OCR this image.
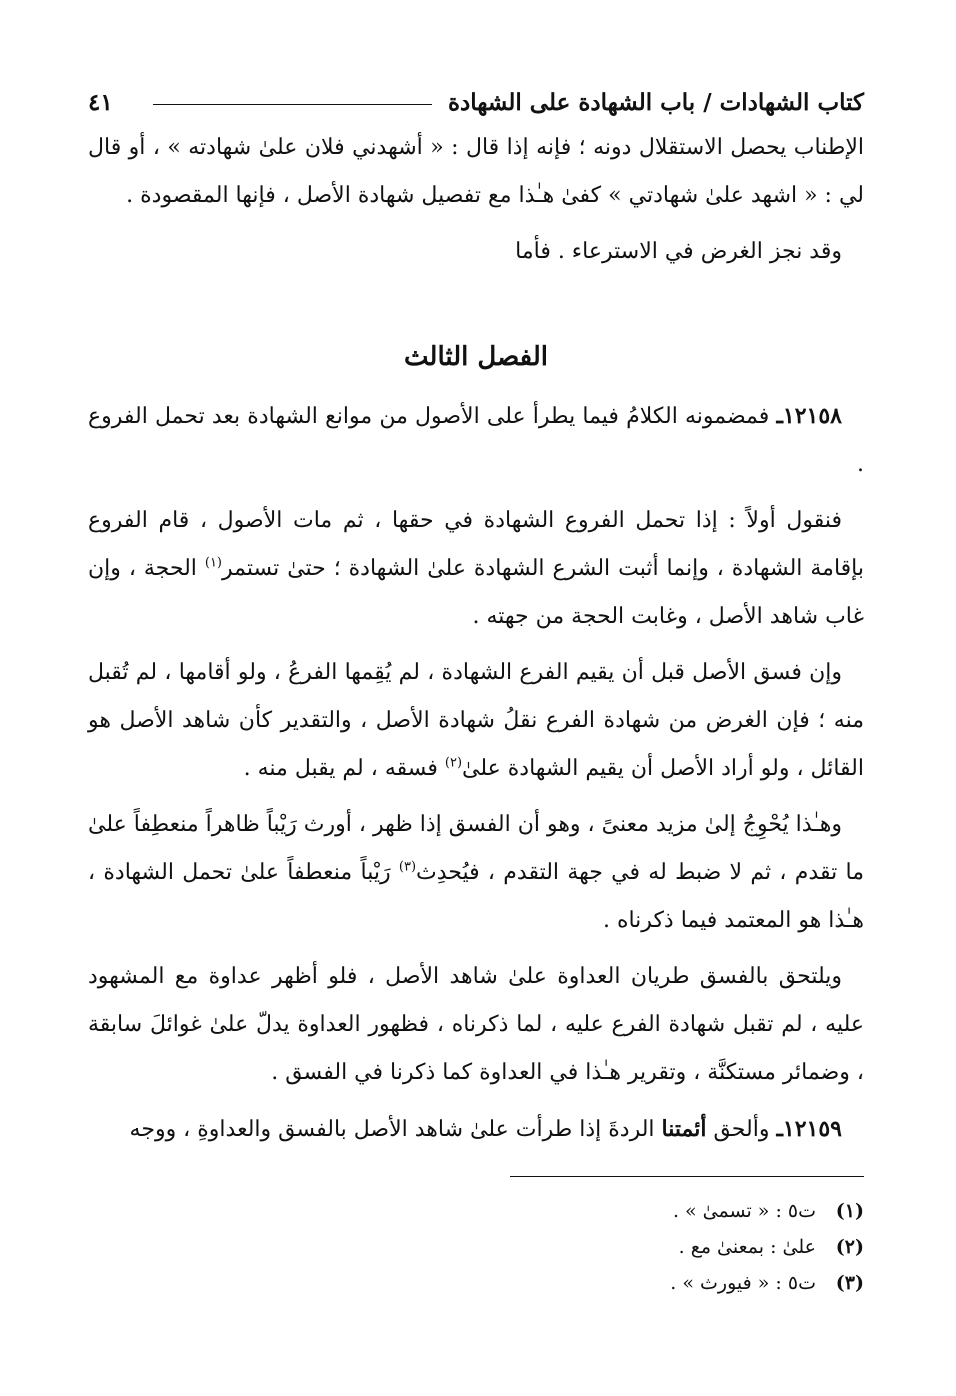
كتاب الشهادات / باب الشهادة على الشهادة
٤١

الإطناب يحصل الاستقلال دونه ؛ فإنه إذا قال : « أشهدني فلان علىٰ شهادته » ، أو قال لي : « اشهد علىٰ شهادتي » كفىٰ هـٰذا مع تفصيل شهادة الأصل ، فإنها المقصودة .

وقد نجز الغرض في الاسترعاء . فأما

الفصل الثالث

١٢١٥٨ـ فمضمونه الكلامُ فيما يطرأ على الأصول من موانع الشهادة بعد تحمل الفروع .

فنقول أولاً : إذا تحمل الفروع الشهادة في حقها ، ثم مات الأصول ، قام الفروع بإقامة الشهادة ، وإنما أثبت الشرع الشهادة علىٰ الشهادة ؛ حتىٰ تستمر$^{(١)}$ الحجة ، وإن غاب شاهد الأصل ، وغابت الحجة من جهته .

وإن فسق الأصل قبل أن يقيم الفرع الشهادة ، لم يُقِمها الفرعُ ، ولو أقامها ، لم تُقبل منه ؛ فإن الغرض من شهادة الفرع نقلُ شهادة الأصل ، والتقدير كأن شاهد الأصل هو القائل ، ولو أراد الأصل أن يقيم الشهادة علىٰ$^{(٢)}$ فسقه ، لم يقبل منه .

وهـٰذا يُحْوِجُ إلىٰ مزيد معنىً ، وهو أن الفسق إذا ظهر ، أورث رَيْباً ظاهراً منعطِفاً علىٰ ما تقدم ، ثم لا ضبط له في جهة التقدم ، فيُحدِث$^{(٣)}$ رَيْباً منعطفاً علىٰ تحمل الشهادة ، هـٰذا هو المعتمد فيما ذكرناه .

ويلتحق بالفسق طريان العداوة علىٰ شاهد الأصل ، فلو أظهر عداوة مع المشهود عليه ، لم تقبل شهادة الفرع عليه ، لما ذكرناه ، فظهور العداوة يدلّ علىٰ غوائلَ سابقة ، وضمائر مستكنَّة ، وتقرير هـٰذا في العداوة كما ذكرنا في الفسق .

١٢١٥٩ـ وألحق أئمتنا الردةَ إذا طرأت علىٰ شاهد الأصل بالفسق والعداوةِ ، ووجه

(١)
ت٥ : « تسمىٰ » .
(٢)
علىٰ : بمعنىٰ مع .
(٣)
ت٥ : « فيورث » .
